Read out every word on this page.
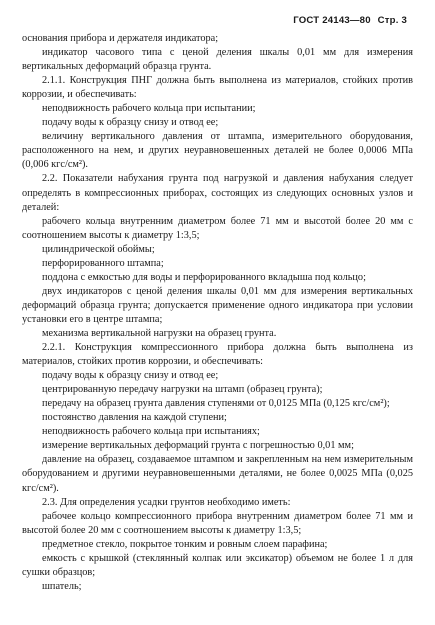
ГОСТ 24143—80 Стр. 3

основания прибора и держателя индикатора;

индикатор часового типа с ценой деления шкалы 0,01 мм для измерения вертикальных деформаций образца грунта.

2.1.1. Конструкция ПНГ должна быть выполнена из материалов, стойких против коррозии, и обеспечивать:

неподвижность рабочего кольца при испытании;

подачу воды к образцу снизу и отвод ее;

величину вертикального давления от штампа, измерительного оборудования, расположенного на нем, и других неуравновешенных деталей не более 0,0006 МПа (0,006 кгс/см²).

2.2. Показатели набухания грунта под нагрузкой и давления набухания следует определять в компрессионных приборах, состоящих из следующих основных узлов и деталей:

рабочего кольца внутренним диаметром более 71 мм и высотой более 20 мм с соотношением высоты к диаметру 1:3,5;

цилиндрической обоймы;

перфорированного штампа;

поддона с емкостью для воды и перфорированного вкладыша под кольцо;

двух индикаторов с ценой деления шкалы 0,01 мм для измерения вертикальных деформаций образца грунта; допускается применение одного индикатора при условии установки его в центре штампа;

механизма вертикальной нагрузки на образец грунта.

2.2.1. Конструкция компрессионного прибора должна быть выполнена из материалов, стойких против коррозии, и обеспечивать:

подачу воды к образцу снизу и отвод ее;

центрированную передачу нагрузки на штамп (образец грунта);

передачу на образец грунта давления ступенями от 0,0125 МПа (0,125 кгс/см²);

постоянство давления на каждой ступени;

неподвижность рабочего кольца при испытаниях;

измерение вертикальных деформаций грунта с погрешностью 0,01 мм;

давление на образец, создаваемое штампом и закрепленным на нем измерительным оборудованием и другими неуравновешенными деталями, не более 0,0025 МПа (0,025 кгс/см²).

2.3. Для определения усадки грунтов необходимо иметь:

рабочее кольцо компрессионного прибора внутренним диаметром более 71 мм и высотой более 20 мм с соотношением высоты к диаметру 1:3,5;

предметное стекло, покрытое тонким и ровным слоем парафина;

емкость с крышкой (стеклянный колпак или эксикатор) объемом не более 1 л для сушки образцов;

шпатель;
